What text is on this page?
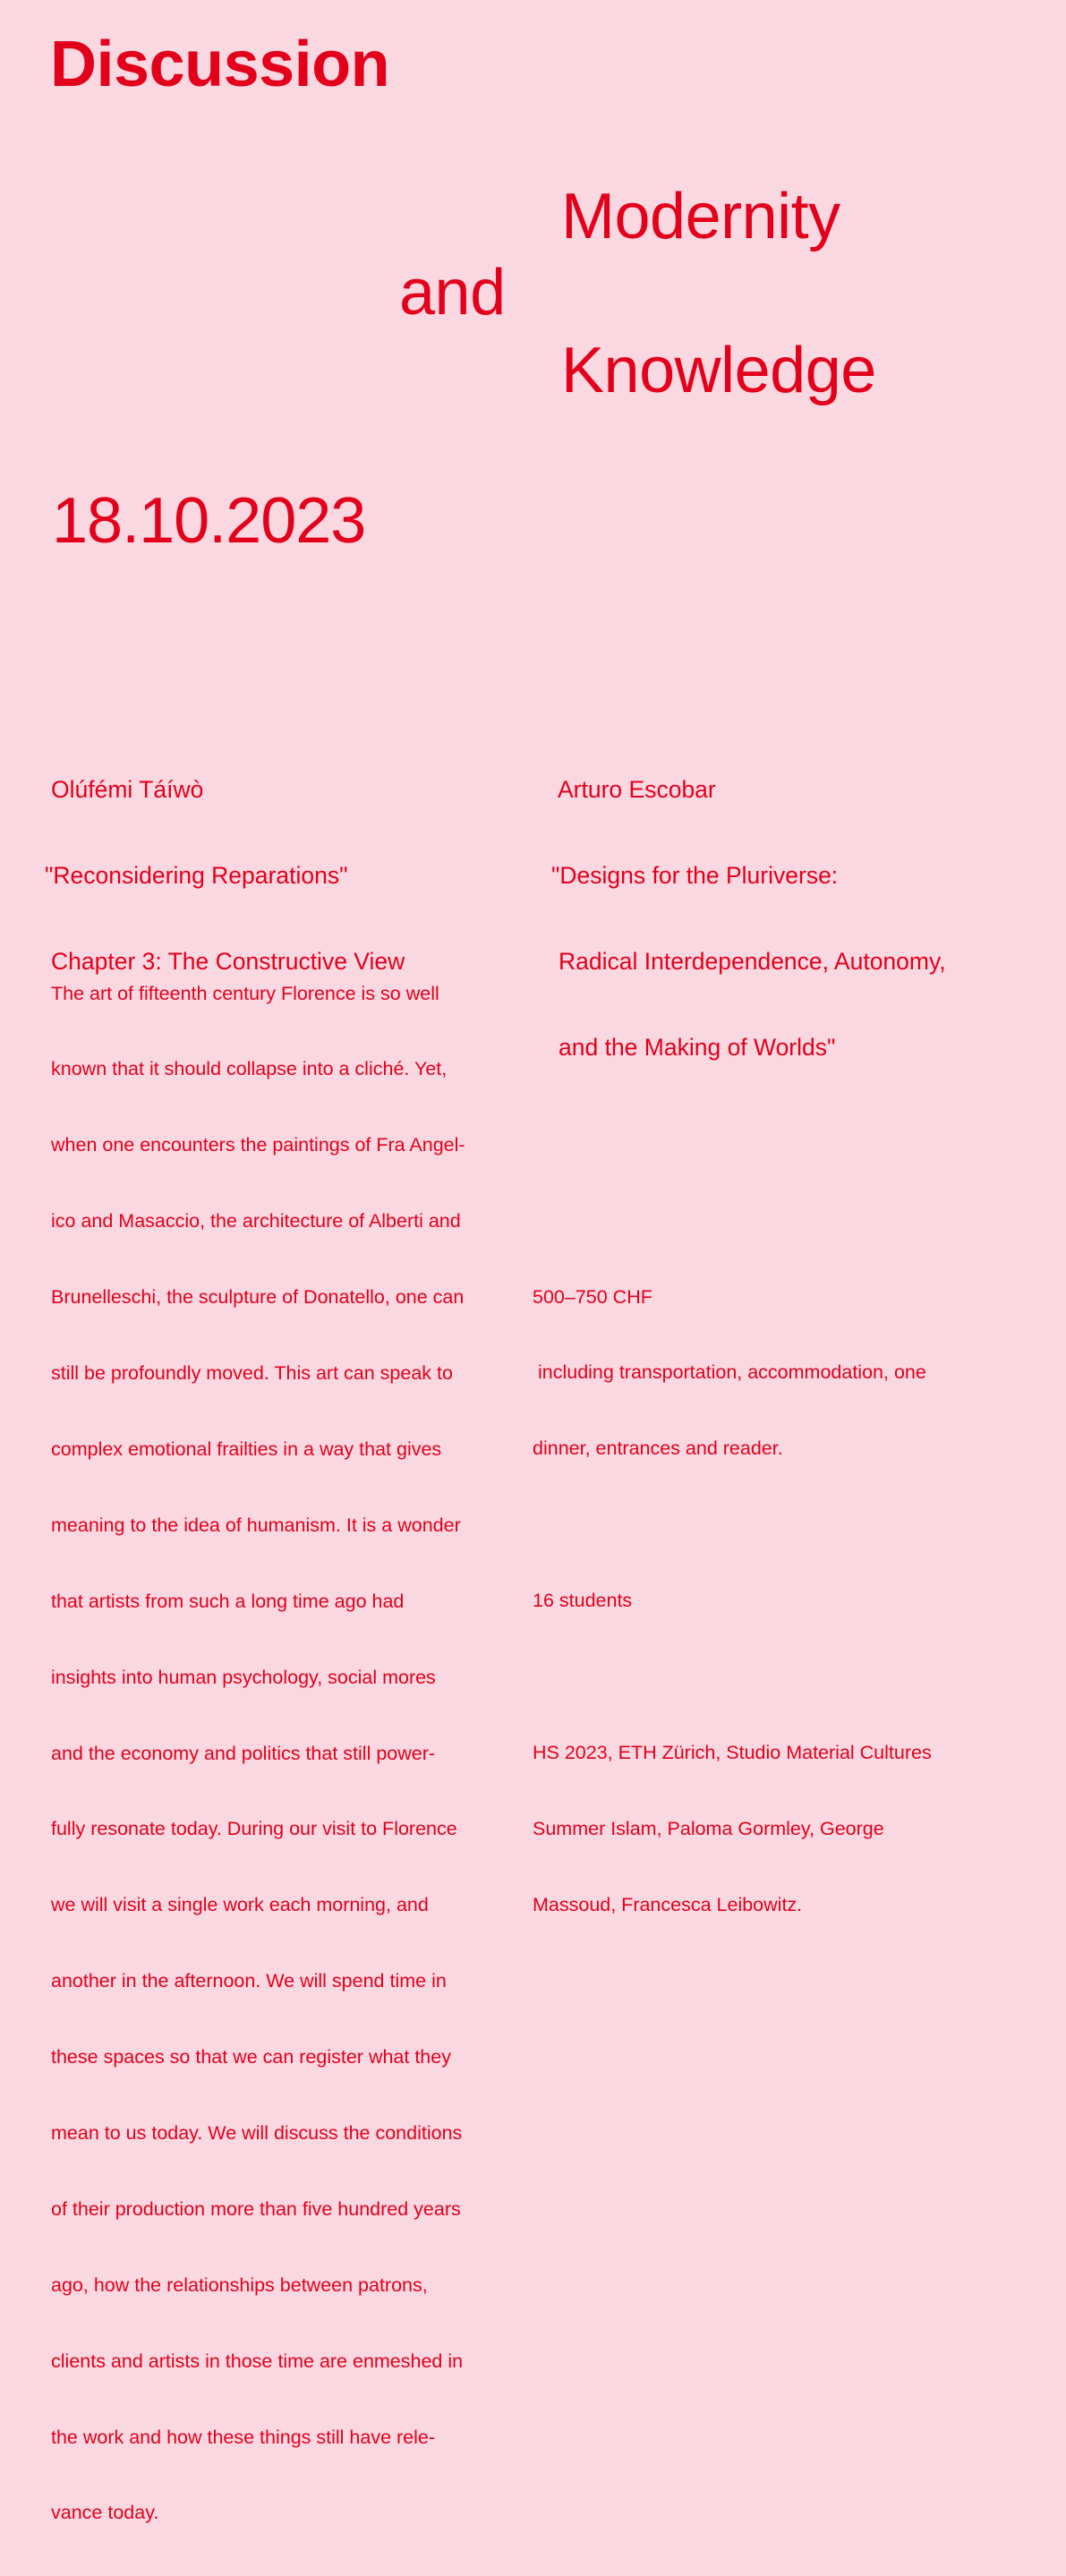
Discussion
Modernity
and
Knowledge
18.10.2023

Olúfémi Táíwò

"Reconsidering Reparations"

Chapter 3: The Constructive View

Arturo Escobar

"Designs for the Pluriverse:

Radical Interdependence, Autonomy,

and the Making of Worlds"

The art of fifteenth century Florence is so well

known that it should collapse into a cliché. Yet,

when one encounters the paintings of Fra Angel-

ico and Masaccio, the architecture of Alberti and

Brunelleschi, the sculpture of Donatello, one can

still be profoundly moved. This art can speak to

complex emotional frailties in a way that gives

meaning to the idea of humanism. It is a wonder

that artists from such a long time ago had

insights into human psychology, social mores

and the economy and politics that still power-

fully resonate today. During our visit to Florence

we will visit a single work each morning, and

another in the afternoon. We will spend time in

these spaces so that we can register what they

mean to us today. We will discuss the conditions

of their production more than five hundred years

ago, how the relationships between patrons,

clients and artists in those time are enmeshed in

the work and how these things still have rele-

vance today.

500–750 CHF

including transportation, accommodation, one

dinner, entrances and reader.

16 students

HS 2023, ETH Zürich, Studio Material Cultures

Summer Islam, Paloma Gormley, George

Massoud, Francesca Leibowitz.
